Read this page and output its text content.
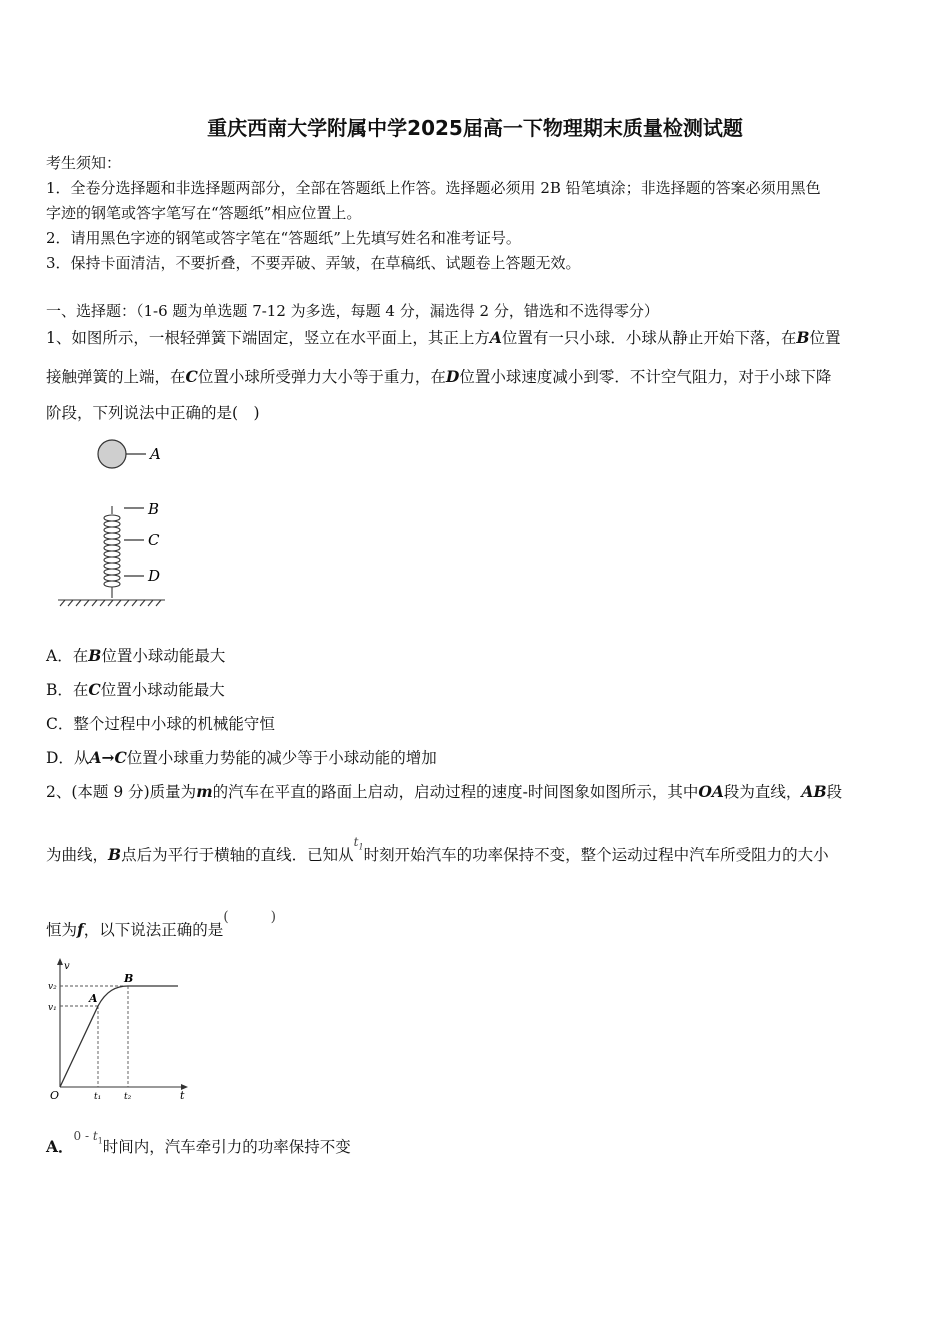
重庆西南大学附属中学2025届高一下物理期末质量检测试题
考生须知：
1．全卷分选择题和非选择题两部分，全部在答题纸上作答。选择题必须用 2B 铅笔填涂；非选择题的答案必须用黑色
字迹的钢笔或答字笔写在“答题纸”相应位置上。
2．请用黑色字迹的钢笔或答字笔在“答题纸”上先填写姓名和准考证号。
3．保持卡面清洁，不要折叠，不要弄破、弄皱，在草稿纸、试题卷上答题无效。
一、选择题：（1-6 题为单选题 7-12 为多选，每题 4 分，漏选得 2 分，错选和不选得零分）
1、如图所示，一根轻弹簧下端固定，竖立在水平面上，其正上方A位置有一只小球．小球从静止开始下落，在B位置
接触弹簧的上端，在C位置小球所受弹力大小等于重力，在D位置小球速度减小到零．不计空气阻力，对于小球下降
阶段，下列说法中正确的是(　)
A
B
C
D
A．在B位置小球动能最大
B．在C位置小球动能最大
C．整个过程中小球的机械能守恒
D．从A→C位置小球重力势能的减少等于小球动能的增加
2、(本题 9 分)质量为m的汽车在平直的路面上启动，启动过程的速度-时间图象如图所示，其中OA段为直线，AB段
为曲线，B点后为平行于横轴的直线．已知从$^{t_1}$时刻开始汽车的功率保持不变，整个运动过程中汽车所受阻力的大小
恒为f，以下说法正确的是(　　　)
v
t
O
v₂
v₁
A
B
t₁	t₂
A．$^{0 - t_1}$时间内，汽车牵引力的功率保持不变
